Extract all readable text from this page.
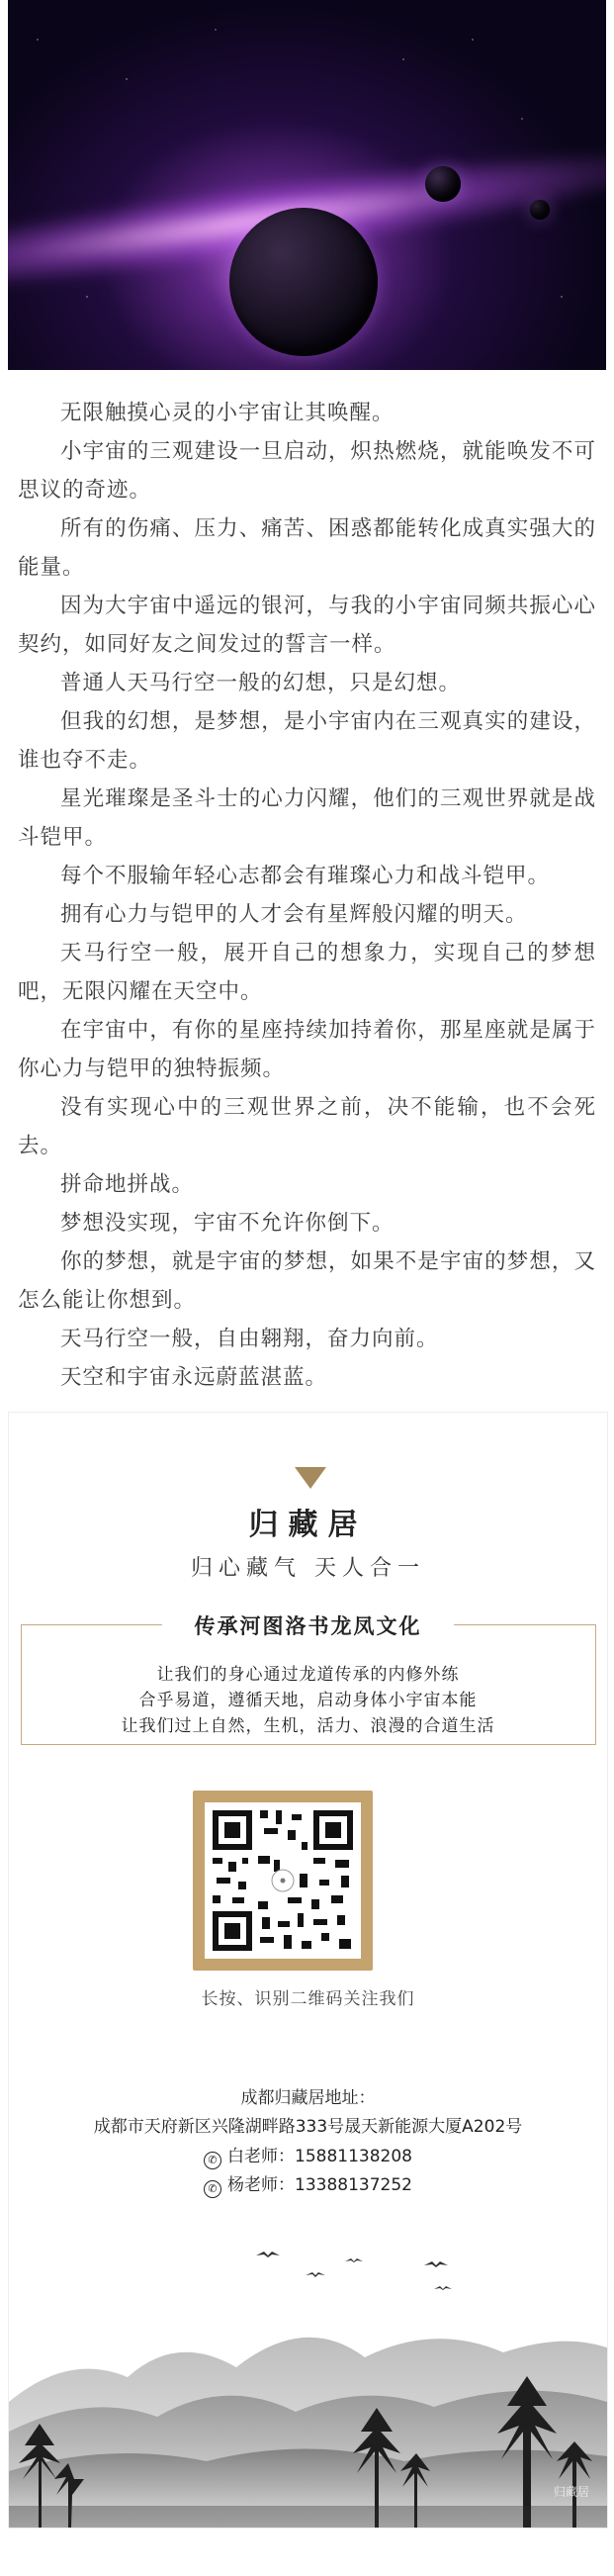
无限触摸心灵的小宇宙让其唤醒。

小宇宙的三观建设一旦启动，炽热燃烧，就能唤发不可思议的奇迹。

所有的伤痛、压力、痛苦、困惑都能转化成真实强大的能量。

因为大宇宙中遥远的银河，与我的小宇宙同频共振心心契约，如同好友之间发过的誓言一样。

普通人天马行空一般的幻想，只是幻想。

但我的幻想，是梦想，是小宇宙内在三观真实的建设，谁也夺不走。

星光璀璨是圣斗士的心力闪耀，他们的三观世界就是战斗铠甲。

每个不服输年轻心志都会有璀璨心力和战斗铠甲。

拥有心力与铠甲的人才会有星辉般闪耀的明天。

天马行空一般，展开自己的想象力，实现自己的梦想吧，无限闪耀在天空中。

在宇宙中，有你的星座持续加持着你，那星座就是属于你心力与铠甲的独特振频。

没有实现心中的三观世界之前，决不能输，也不会死去。

拼命地拼战。

梦想没实现，宇宙不允许你倒下。

你的梦想，就是宇宙的梦想，如果不是宇宙的梦想，又怎么能让你想到。

天马行空一般，自由翱翔，奋力向前。

天空和宇宙永远蔚蓝湛蓝。

归藏居
归心藏气 天人合一
传承河图洛书龙凤文化
让我们的身心通过龙道传承的内修外练
合乎易道，遵循天地，启动身体小宇宙本能
让我们过上自然，生机，活力、浪漫的合道生活
长按、识别二维码关注我们
成都归藏居地址：
成都市天府新区兴隆湖畔路333号晟天新能源大厦A202号
✆ 白老师：15881138208
✆ 杨老师：13388137252
归藏居
